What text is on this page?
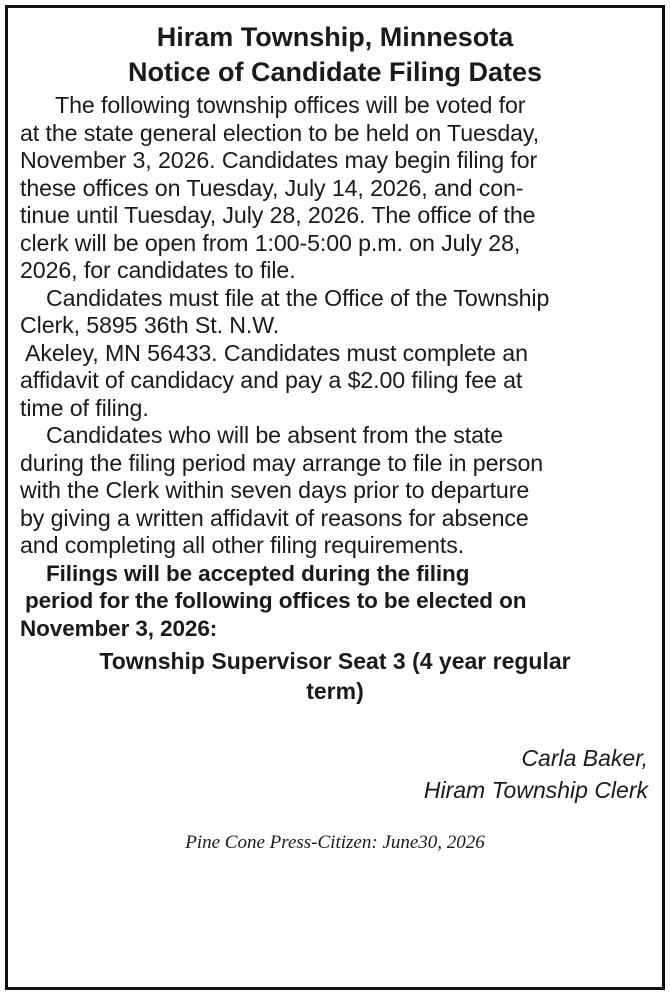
Hiram Township, Minnesota
Notice of Candidate Filing Dates
The following township offices will be voted for
at the state general election to be held on Tuesday,
November 3, 2026. Candidates may begin filing for
these offices on Tuesday, July 14, 2026, and con-
tinue until Tuesday, July 28, 2026. The office of the
clerk will be open from 1:00-5:00 p.m. on July 28,
2026, for candidates to file.
Candidates must file at the Office of the Township
Clerk, 5895 36th St. N.W.
Akeley, MN 56433. Candidates must complete an
affidavit of candidacy and pay a $2.00 filing fee at
time of filing.
Candidates who will be absent from the state
during the filing period may arrange to file in person
with the Clerk within seven days prior to departure
by giving a written affidavit of reasons for absence
and completing all other filing requirements.
Filings will be accepted during the filing
period for the following offices to be elected on
November 3, 2026:
Township Supervisor Seat 3 (4 year regular
term)
Carla Baker,
Hiram Township Clerk
Pine Cone Press-Citizen: June30, 2026
